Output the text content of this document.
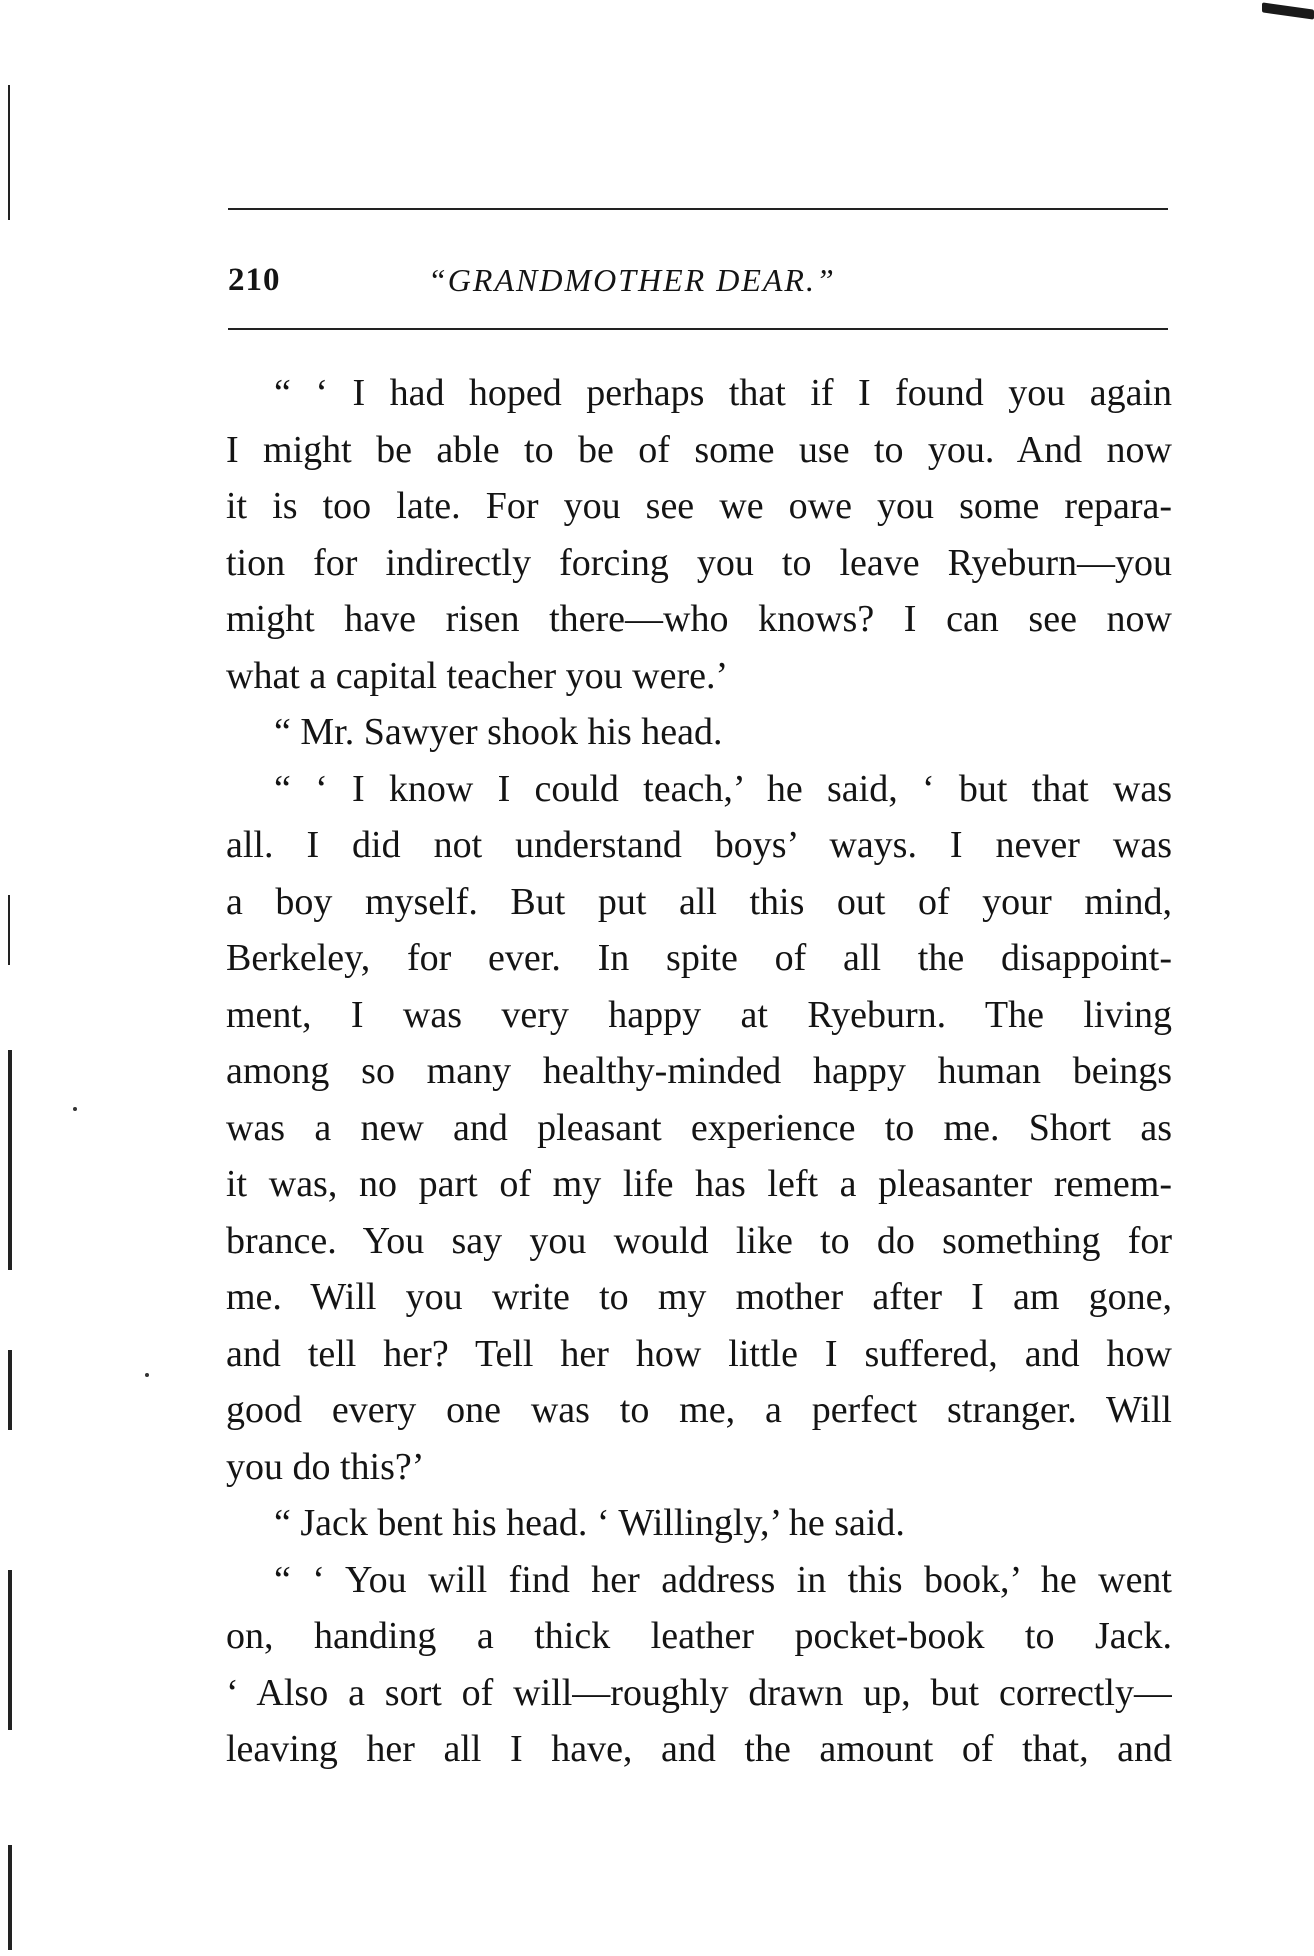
210	“GRANDMOTHER DEAR.”
“ ‘ I had hoped perhaps that if I found you again
I might be able to be of some use to you. And now
it is too late. For you see we owe you some repara-
tion for indirectly forcing you to leave Ryeburn—you
might have risen there—who knows? I can see now
what a capital teacher you were.’
“ Mr. Sawyer shook his head.
“ ‘ I know I could teach,’ he said, ‘ but that was
all. I did not understand boys’ ways. I never was
a boy myself. But put all this out of your mind,
Berkeley, for ever. In spite of all the disappoint-
ment, I was very happy at Ryeburn. The living
among so many healthy-minded happy human beings
was a new and pleasant experience to me. Short as
it was, no part of my life has left a pleasanter remem-
brance. You say you would like to do something for
me. Will you write to my mother after I am gone,
and tell her? Tell her how little I suffered, and how
good every one was to me, a perfect stranger. Will
you do this?’
“ Jack bent his head. ‘ Willingly,’ he said.
“ ‘ You will find her address in this book,’ he went
on, handing a thick leather pocket-book to Jack.
‘ Also a sort of will—roughly drawn up, but correctly—
leaving her all I have, and the amount of that, and
